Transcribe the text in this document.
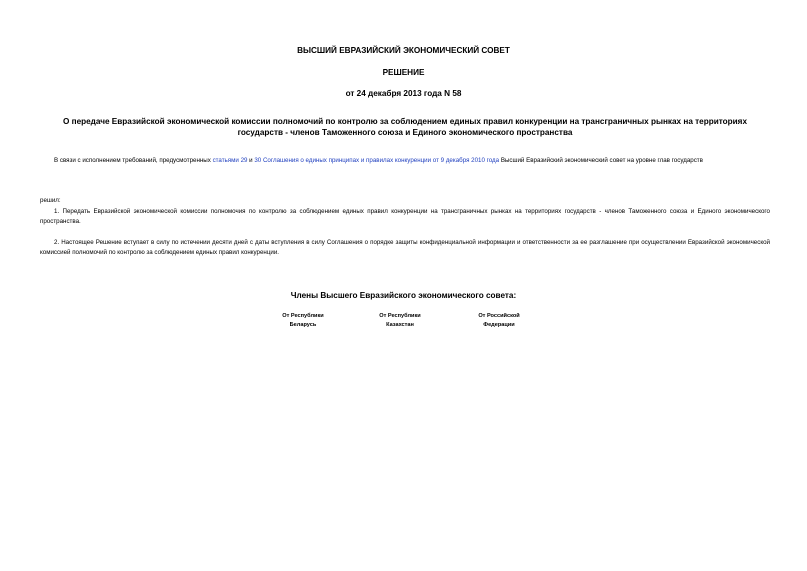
ВЫСШИЙ ЕВРАЗИЙСКИЙ ЭКОНОМИЧЕСКИЙ СОВЕТ
РЕШЕНИЕ
от 24 декабря 2013 года N 58
О передаче Евразийской экономической комиссии полномочий по контролю за соблюдением единых правил конкуренции на трансграничных рынках на территориях государств - членов Таможенного союза и Единого экономического пространства
В связи с исполнением требований, предусмотренных статьями 29 и 30 Соглашения о единых принципах и правилах конкуренции от 9 декабря 2010 года Высший Евразийский экономический совет на уровне глав государств
решил:
1. Передать Евразийской экономической комиссии полномочия по контролю за соблюдением единых правил конкуренции на трансграничных рынках на территориях государств - членов Таможенного союза и Единого экономического пространства.
2. Настоящее Решение вступает в силу по истечении десяти дней с даты вступления в силу Соглашения о порядке защиты конфиденциальной информации и ответственности за ее разглашение при осуществлении Евразийской экономической комиссией полномочий по контролю за соблюдением единых правил конкуренции.
Члены Высшего Евразийского экономического совета:
От Республики
Беларусь
От Республики
Казахстан
От Российской
Федерации
